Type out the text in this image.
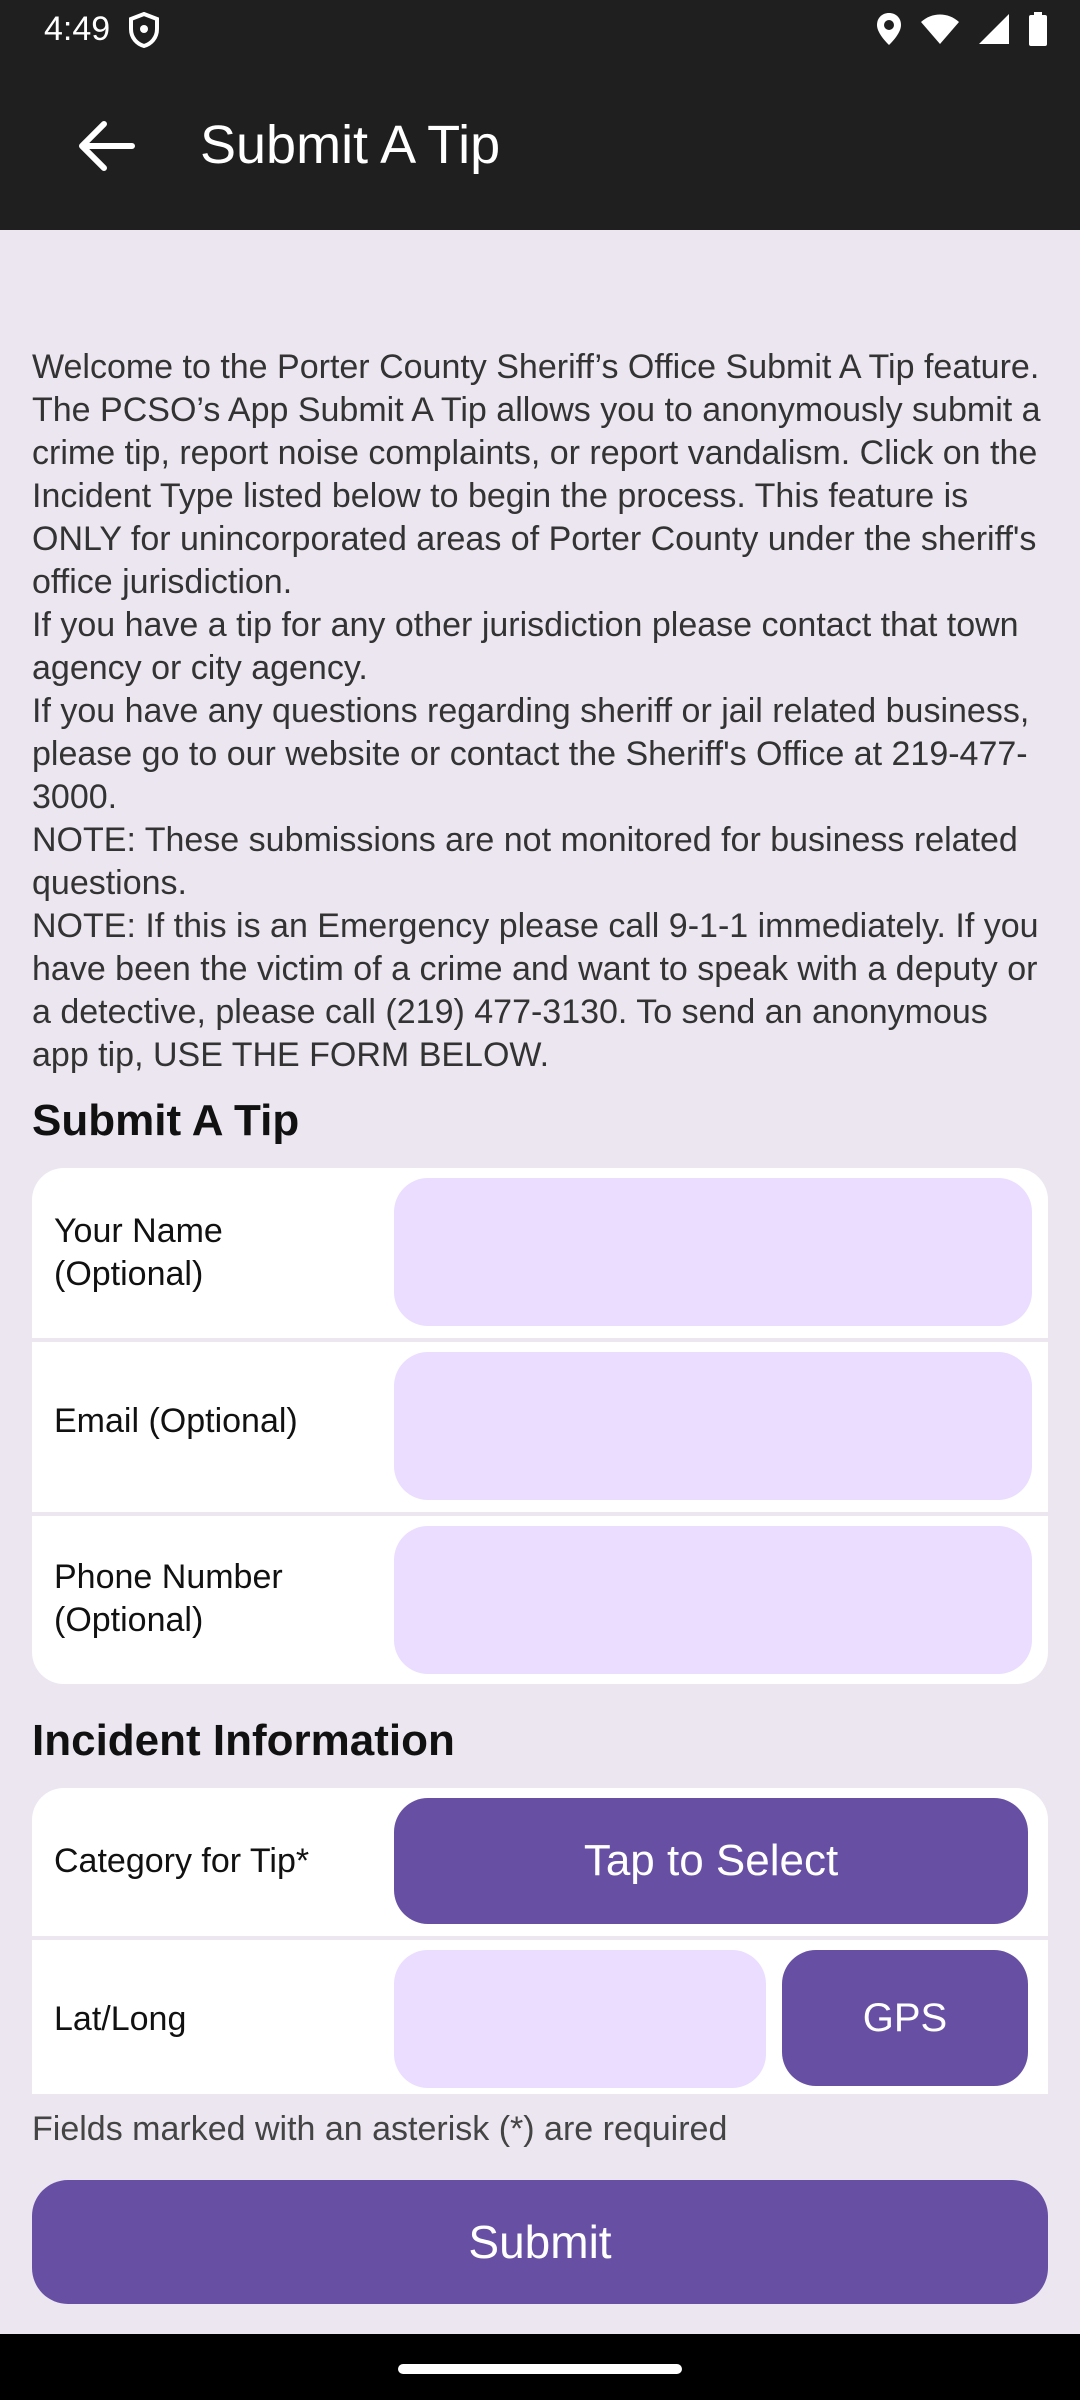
4:49
Submit A Tip
Welcome to the Porter County Sheriff’s Office Submit A Tip feature. The PCSO’s App Submit A Tip allows you to anonymously submit a crime tip, report noise complaints, or report vandalism. Click on the Incident Type listed below to begin the process. This feature is ONLY for unincorporated areas of Porter County under the sheriff's office jurisdiction.
If you have a tip for any other jurisdiction please contact that town agency or city agency.
If you have any questions regarding sheriff or jail related business, please go to our website or contact the Sheriff's Office at 219-477-3000.
NOTE: These submissions are not monitored for business related questions.
NOTE: If this is an Emergency please call 9-1-1 immediately. If you have been the victim of a crime and want to speak with a deputy or a detective, please call (219) 477-3130. To send an anonymous app tip, USE THE FORM BELOW.
Submit A Tip
Your Name (Optional)
Email (Optional)
Phone Number (Optional)
Incident Information
Category for Tip*	Tap to Select
Lat/Long	GPS
Fields marked with an asterisk (*) are required
Submit
